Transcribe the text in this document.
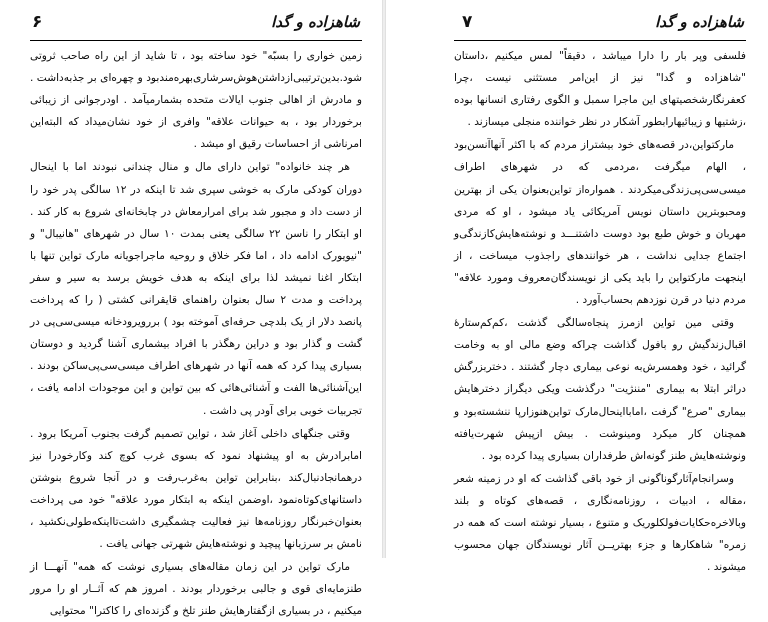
شاهزاده و گدا
۶

زمین خواری را بسبّه" خود ساخته بود ، تا شاید از این راه صاحب ثروتی شود.بدین‌ترتیبی‌ازداشتن‌هوش‌سرشاری‌بهره‌مندبود و چهره‌ای بر جذبه‌داشت . و مادرش از اهالی جنوب ایالات متحده بشمارمیآمد . اودرجوانی از زیبائی برخوردار بود ، به حیوانات علاقه‌" وافری از خود نشان‌میداد که البته‌این امرناشی از احساسات رقیق او میشد .

هر چند خانواده‌" تواین دارای مال و منال چندانی نبودند اما با اینحال دوران کودکی مارک به خوشی سپری شد تا اینکه در ۱۲ سالگی پدر خود را از دست داد و مجبور شد برای امرارمعاش در چابخانه‌ای شروع به کار کند . او ابتکار را ناسن ۲۲ سالگی یعنی بمدت ۱۰ سال در شهرهای "هانیبال" و "نیویورک ادامه داد ، اما فکر خلاق و روحیه ماجراجویانه مارک تواین تنها با ابتکار اغنا نمیشد لذا برای اینکه به هدف خویش برسد به سیر و سفر پرداخت و مدت ۲ سال بعنوان راهنمای قایقرانی کشتی ( را که پرداخت پانصد دلار از یک بلدچی حرفه‌ای آموخته بود ) بررویرودخانه میسی‌سی‌پی در گشت و گذار بود و دراین رهگذر با افراد بیشماری آشنا گردید و دوستان بسیاری پیدا کرد که همه آنها در شهرهای اطراف میسی‌سی‌پی‌ساکن بودند . این‌آشنائی‌ها الفت و آشنائی‌هائی که بین تواین و این موجودات ادامه یافت ، تجربیات خوبی برای آودر پی داشت .

وقتی جنگهای داخلی آغاز شد ، تواین تصمیم گرفت بجنوب آمریکا برود . امابرادرش به او پیشنهاد نمود که بسوی غرب کوچ کند وکارخودرا نیز درهمانجادنبال‌کند ،بنابراین تواین به‌غرب‌رفت و در آنجا شروع بنوشتن داستانهای‌کوتاه‌نمود ،اوضمن اینکه به ابتکار مورد علاقه‌" خود می پرداخت بعنوان‌خبرنگار روزنامه‌ها نیز فعالیت چشمگیری داشت‌تا‌اینکه‌طولی‌نکشید ، نامش بر سرزبانها پیچید و نوشته‌هایش شهرتی جهانی یافت .

مارک تواین در این زمان مقاله‌های بسیاری نوشت که همه‌" آنهـــا از طنزمایه‌ای قوی و جالبی برخوردار بودند . امروز هم که آثــار او را مرور میکنیم ، در بسیاری ازگفتارهایش طنز تلخ و گزنده‌ای را کاکترا" محتوایی

شاهزاده و گدا
۷

فلسفی وپر بار را دارا میباشد ، دقیقاً" لمس میکنیم ،داستان "شاهزاده و گدا" نیز از این‌امر مستثنی نیست ،چرا کعفرنگارشخصیتهای این ماجرا سمبل و الگوی رفتاری انسانها بوده ،زشتیها و زیبائیهارابطور آشکار در نظر خواننده منجلی میسازند .

مارکتواین،در قصه‌های خود بیشتراز مردم که با اکثر آنهاآنسن‌بود ، الهام میگرفت ،مردمی که در شهرهای اطراف میسی‌سی‌پی‌زندگی‌میکردند . همواره‌از تواین‌بعنوان یکی از بهترین ومحبوبترین داستان نویس آمریکائی یاد میشود ، او که مردی مهربان و خوش طبع بود دوست داشتنـــد و نوشته‌هایش‌کازندگی‌و اجتماع جدایی نداشت ، هر خوانندهای راجذوب میساخت ، از اینجهت مارکتواین را باید یکی از نویسندگان‌معروف ومورد علاقه‌" مردم دنیا در قرن نوزدهم بحساب‌آورد .

وقتی مین تواین ازمرز پنجاه‌سالگی گذشت ،کم‌کم‌ستارهٔ اقبال‌زندگیش رو بافول گذاشت چراکه وضع مالی او به وخامت گرائید ، خود وهمسرش‌به نوعی بیماری دچار گشتند . دختربزرگش دراثر ابتلا به بیماری "مننژیت" درگذشت ویکی دیگراز دخترهایش بیماری "صرع" گرفت ،امابااینحال‌مارک تواین‌هنوزارپا ننشسته‌بود و همچنان کار میکرد ومینوشت . بیش ازپیش شهرت‌یافته ونوشته‌هایش طنز گونه‌اش طرفداران بسیاری پیدا کرده بود .

وسرانجام‌آثارگوناگونی از خود باقی گذاشت که او در زمینه شعر ،مقاله ، ادبیات ، روزنامه‌نگاری ، قصه‌های کوتاه و بلند وبالاخره‌حکایات‌فولکلوریک و متنوع ، بسیار نوشته است که همه در زمره‌" شاهکارها و جزء بهتریــن آثار نویسندگان جهان محسوب میشوند .
